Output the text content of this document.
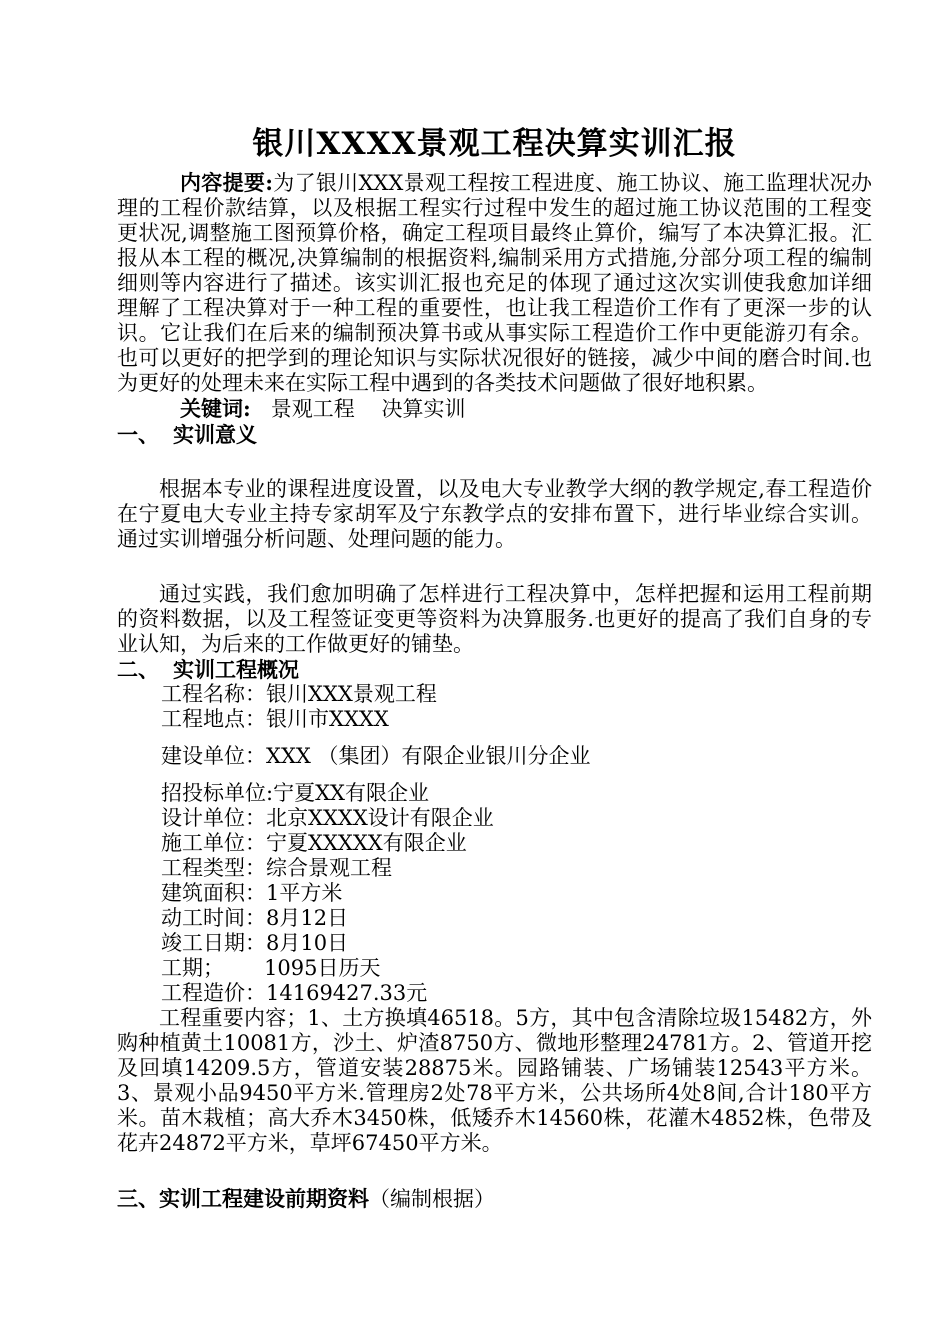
银川XXXX景观工程决算实训汇报

内容提要:为了银川XXX景观工程按工程进度、施工协议、施工监理状况办理的工程价款结算，以及根据工程实行过程中发生的超过施工协议范围的工程变更状况,调整施工图预算价格，确定工程项目最终止算价，编写了本决算汇报。汇报从本工程的概况,决算编制的根据资料,编制采用方式措施,分部分项工程的编制细则等内容进行了描述。该实训汇报也充足的体现了通过这次实训使我愈加详细理解了工程决算对于一种工程的重要性，也让我工程造价工作有了更深一步的认识。它让我们在后来的编制预决算书或从事实际工程造价工作中更能游刃有余。也可以更好的把学到的理论知识与实际状况很好的链接，减少中间的磨合时间.也为更好的处理未来在实际工程中遇到的各类技术问题做了很好地积累。

关键词: 景观工程    决算实训

一、 实训意义

根据本专业的课程进度设置，以及电大专业教学大纲的教学规定,春工程造价在宁夏电大专业主持专家胡军及宁东教学点的安排布置下，进行毕业综合实训。通过实训增强分析问题、处理问题的能力。

通过实践，我们愈加明确了怎样进行工程决算中，怎样把握和运用工程前期的资料数据，以及工程签证变更等资料为决算服务.也更好的提高了我们自身的专业认知，为后来的工作做更好的铺垫。

二、 实训工程概况
工程名称：银川XXX景观工程
工程地点：银川市XXXX
建设单位：XXX （集团）有限企业银川分企业
招投标单位:宁夏XX有限企业
设计单位：北京XXXX设计有限企业
施工单位：宁夏XXXXX有限企业
工程类型：综合景观工程
建筑面积：1平方米
动工时间：8月12日
竣工日期：8月10日
工期； 1095日历天
工程造价：14169427.33元

工程重要内容；1、土方换填46518。5方，其中包含清除垃圾15482方，外购种植黄土10081方，沙土、炉渣8750方、微地形整理24781方。2、管道开挖及回填14209.5方，管道安装28875米。园路铺装、广场铺装12543平方米。3、景观小品9450平方米.管理房2处78平方米，公共场所4处8间,合计180平方米。苗木栽植；高大乔木3450株，低矮乔木14560株，花灌木4852株，色带及花卉24872平方米，草坪67450平方米。

三、实训工程建设前期资料（编制根据）
